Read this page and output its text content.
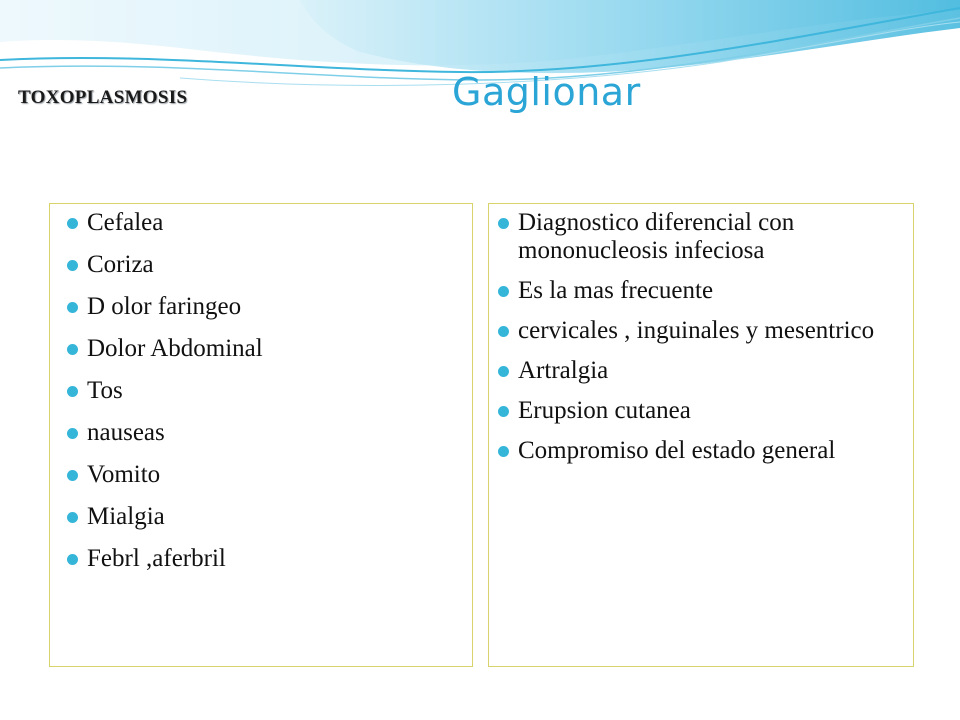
TOXOPLASMOSIS	Gaglionar
Cefalea
Coriza
D olor faringeo
Dolor Abdominal
Tos
nauseas
Vomito
Mialgia
Febrl ,aferbril
Diagnostico diferencial con mononucleosis infeciosa
Es la mas frecuente
cervicales , inguinales y mesentrico
Artralgia
Erupsion cutanea
Compromiso del estado general
